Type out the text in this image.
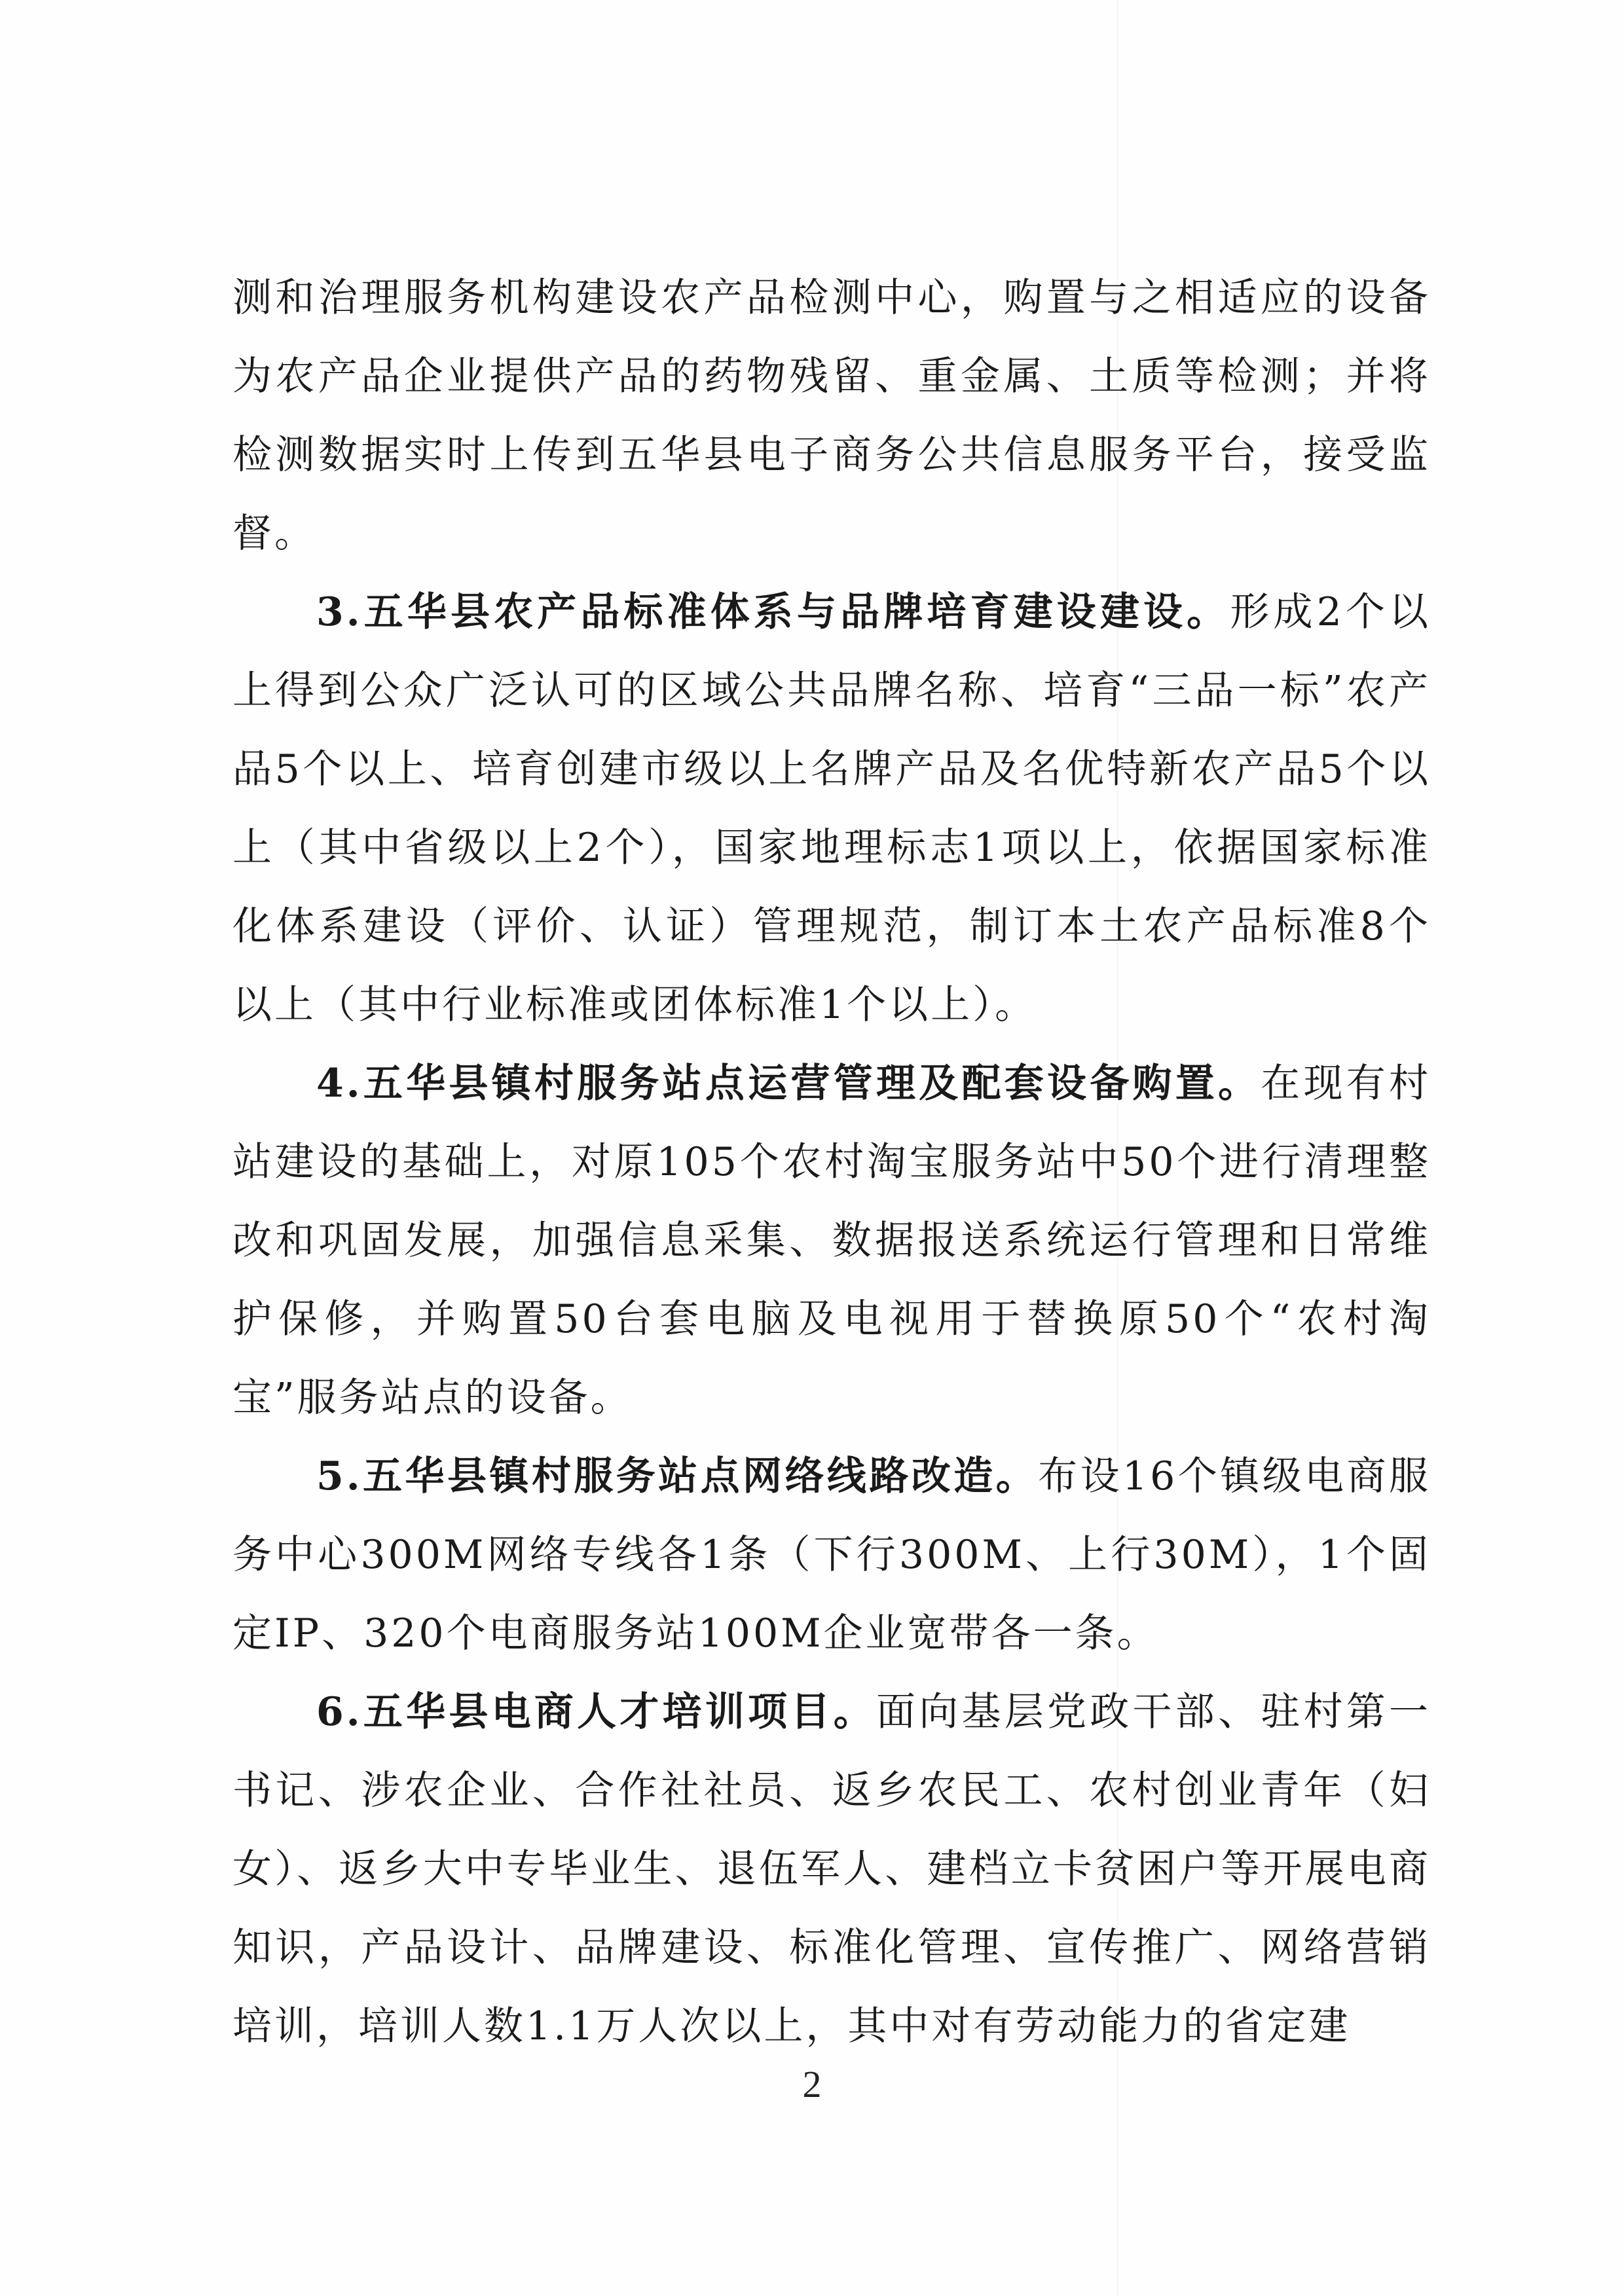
测和治理服务机构建设农产品检测中心，购置与之相适应的设备为农产品企业提供产品的药物残留、重金属、土质等检测；并将检测数据实时上传到五华县电子商务公共信息服务平台，接受监督。

3.五华县农产品标准体系与品牌培育建设建设。形成2个以上得到公众广泛认可的区域公共品牌名称、培育“三品一标”农产品5个以上、培育创建市级以上名牌产品及名优特新农产品5个以上（其中省级以上2个），国家地理标志1项以上，依据国家标准化体系建设（评价、认证）管理规范，制订本土农产品标准8个以上（其中行业标准或团体标准1个以上）。

4.五华县镇村服务站点运营管理及配套设备购置。在现有村站建设的基础上，对原105个农村淘宝服务站中50个进行清理整改和巩固发展，加强信息采集、数据报送系统运行管理和日常维护保修，并购置50台套电脑及电视用于替换原50个“农村淘宝”服务站点的设备。

5.五华县镇村服务站点网络线路改造。布设16个镇级电商服务中心300M网络专线各1条（下行300M、上行30M），1个固定IP、320个电商服务站100M企业宽带各一条。

6.五华县电商人才培训项目。面向基层党政干部、驻村第一书记、涉农企业、合作社社员、返乡农民工、农村创业青年（妇女）、返乡大中专毕业生、退伍军人、建档立卡贫困户等开展电商知识，产品设计、品牌建设、标准化管理、宣传推广、网络营销培训，培训人数1.1万人次以上，其中对有劳动能力的省定建

2
